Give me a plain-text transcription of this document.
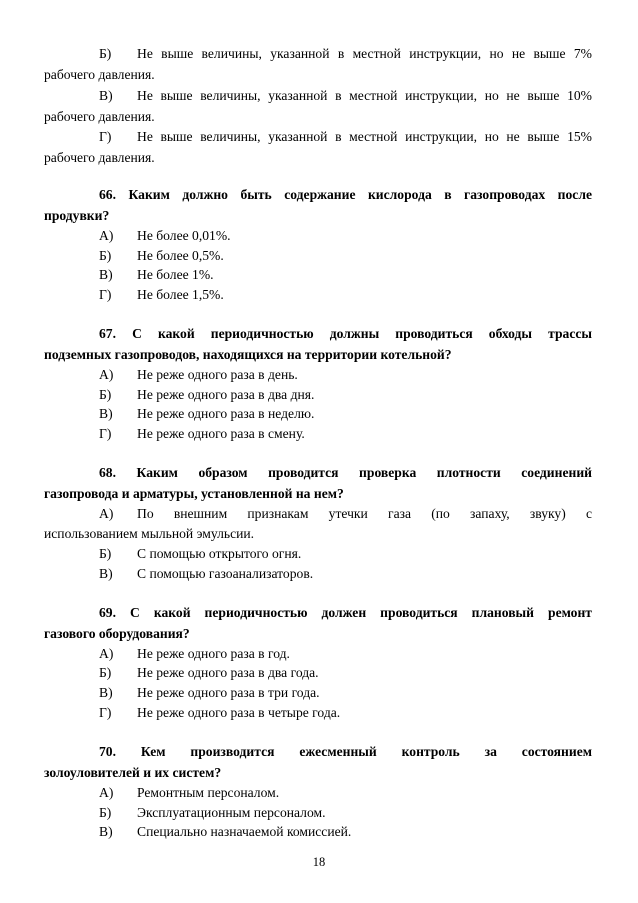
Б)	Не выше величины, указанной в местной инструкции, но не выше 7%
рабочего давления.
В)	Не выше величины, указанной в местной инструкции, но не выше 10%
рабочего давления.
Г)	Не выше величины, указанной в местной инструкции, но не выше 15%
рабочего давления.
66. Каким должно быть содержание кислорода в газопроводах после
продувки?
А) Не более 0,01%.
Б) Не более 0,5%.
В) Не более 1%.
Г) Не более 1,5%.
67. С какой периодичностью должны проводиться обходы трассы
подземных газопроводов, находящихся на территории котельной?
А) Не реже одного раза в день.
Б) Не реже одного раза в два дня.
В) Не реже одного раза в неделю.
Г) Не реже одного раза в смену.
68. Каким образом проводится проверка плотности соединений
газопровода и арматуры, установленной на нем?
А)	По внешним признакам утечки газа (по запаху, звуку) с
использованием мыльной эмульсии.
Б) С помощью открытого огня.
В) С помощью газоанализаторов.
69. С какой периодичностью должен проводиться плановый ремонт
газового оборудования?
А) Не реже одного раза в год.
Б) Не реже одного раза в два года.
В) Не реже одного раза в три года.
Г) Не реже одного раза в четыре года.
70. Кем производится ежесменный контроль за состоянием
золоуловителей и их систем?
А) Ремонтным персоналом.
Б) Эксплуатационным персоналом.
В) Специально назначаемой комиссией.
18
